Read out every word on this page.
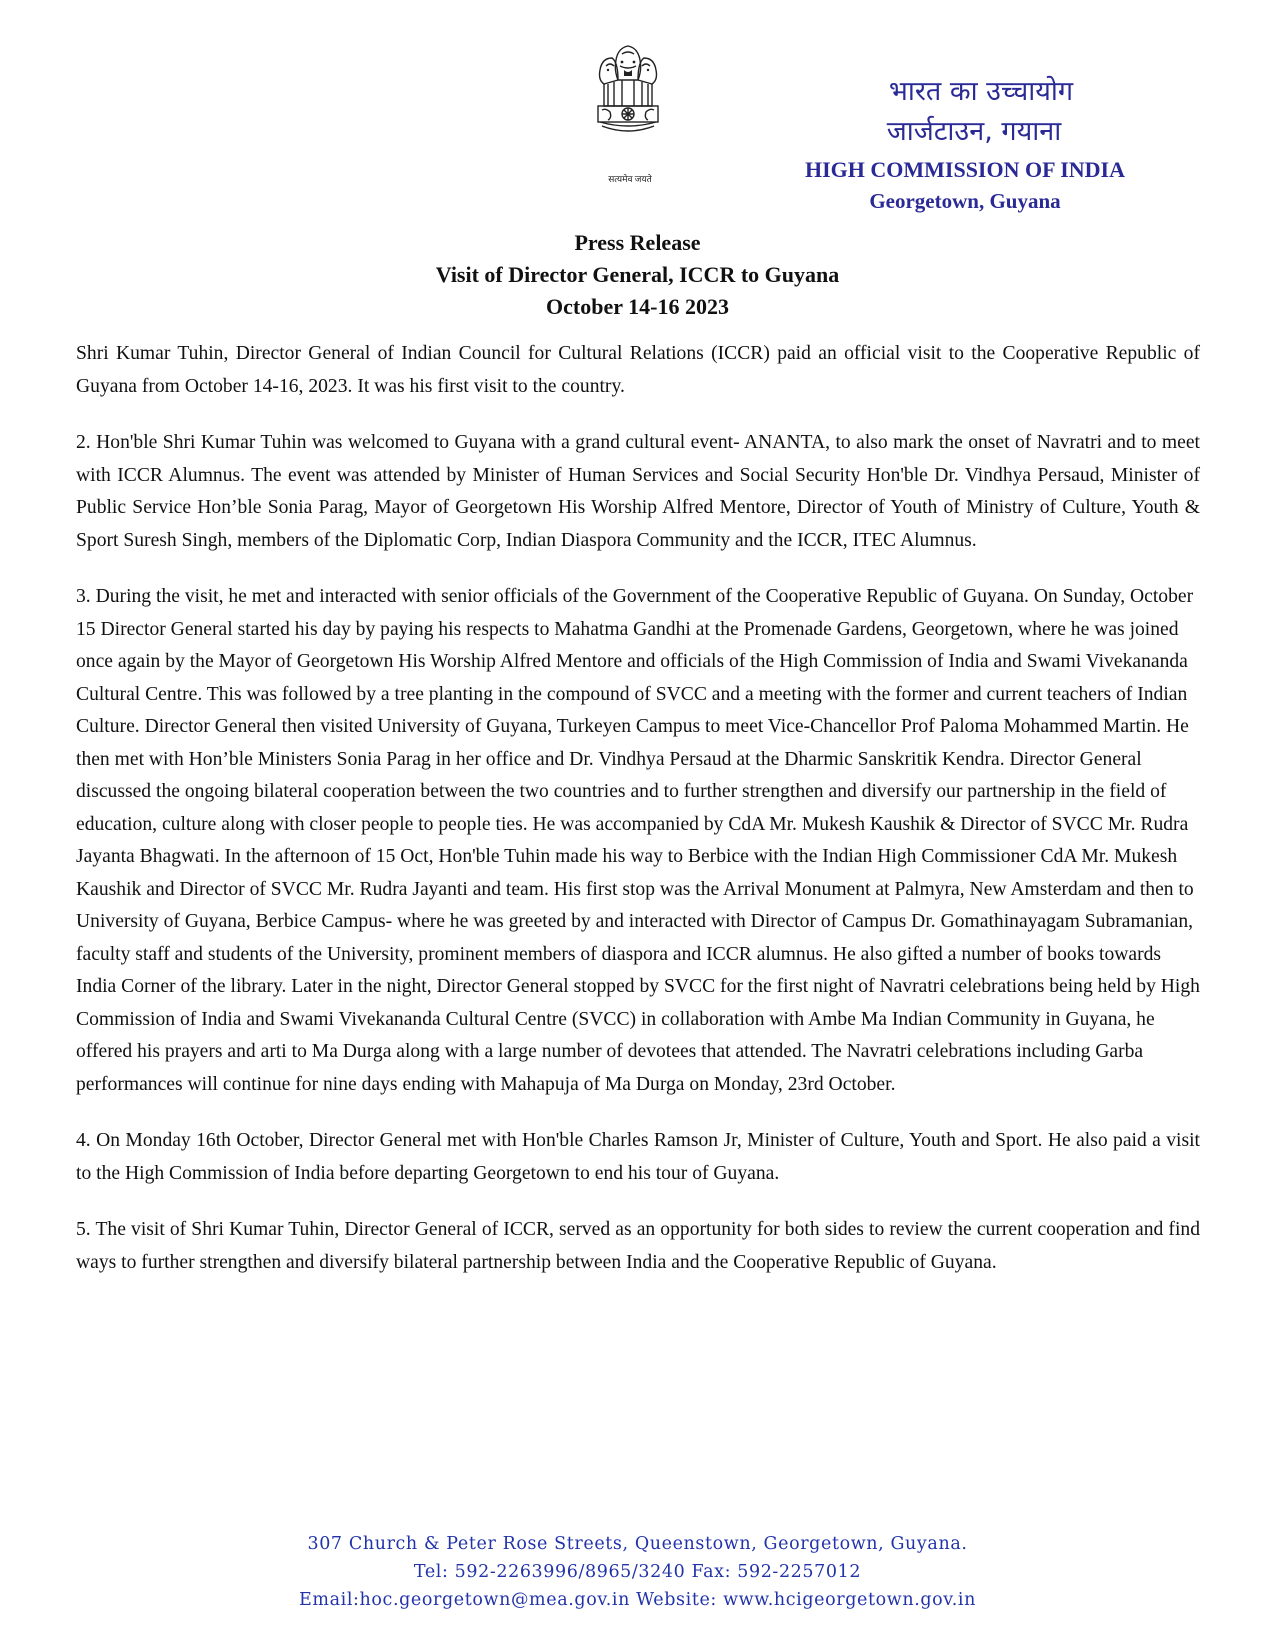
सत्यमेव जयते
भारत का उच्चायोग
जार्जटाउन, गयाना
HIGH COMMISSION OF INDIA
Georgetown, Guyana
Press Release
Visit of Director General, ICCR to Guyana
October 14-16 2023

Shri Kumar Tuhin, Director General of Indian Council for Cultural Relations (ICCR) paid an official visit to the Cooperative Republic of Guyana from October 14-16, 2023. It was his first visit to the country.

2. Hon'ble Shri Kumar Tuhin was welcomed to Guyana with a grand cultural event- ANANTA, to also mark the onset of Navratri and to meet with ICCR Alumnus. The event was attended by Minister of Human Services and Social Security Hon'ble Dr. Vindhya Persaud, Minister of Public Service Hon’ble Sonia Parag, Mayor of Georgetown His Worship Alfred Mentore, Director of Youth of Ministry of Culture, Youth & Sport Suresh Singh, members of the Diplomatic Corp, Indian Diaspora Community and the ICCR, ITEC Alumnus.

3. During the visit, he met and interacted with senior officials of the Government of the Cooperative Republic of Guyana. On Sunday, October 15 Director General started his day by paying his respects to Mahatma Gandhi at the Promenade Gardens, Georgetown, where he was joined once again by the Mayor of Georgetown His Worship Alfred Mentore and officials of the High Commission of India and Swami Vivekananda Cultural Centre. This was followed by a tree planting in the compound of SVCC and a meeting with the former and current teachers of Indian Culture. Director General then visited University of Guyana, Turkeyen Campus to meet Vice-Chancellor Prof Paloma Mohammed Martin. He then met with Hon’ble Ministers Sonia Parag in her office and Dr. Vindhya Persaud at the Dharmic Sanskritik Kendra. Director General discussed the ongoing bilateral cooperation between the two countries and to further strengthen and diversify our partnership in the field of education, culture along with closer people to people ties. He was accompanied by CdA Mr. Mukesh Kaushik & Director of SVCC Mr. Rudra Jayanta Bhagwati. In the afternoon of 15 Oct, Hon'ble Tuhin made his way to Berbice with the Indian High Commissioner CdA Mr. Mukesh Kaushik and Director of SVCC Mr. Rudra Jayanti and team. His first stop was the Arrival Monument at Palmyra, New Amsterdam and then to University of Guyana, Berbice Campus- where he was greeted by and interacted with Director of Campus Dr. Gomathinayagam Subramanian, faculty staff and students of the University, prominent members of diaspora and ICCR alumnus. He also gifted a number of books towards India Corner of the library. Later in the night, Director General stopped by SVCC for the first night of Navratri celebrations being held by High Commission of India and Swami Vivekananda Cultural Centre (SVCC) in collaboration with Ambe Ma Indian Community in Guyana, he offered his prayers and arti to Ma Durga along with a large number of devotees that attended. The Navratri celebrations including Garba performances will continue for nine days ending with Mahapuja of Ma Durga on Monday, 23rd October.

4. On Monday 16th October, Director General met with Hon'ble Charles Ramson Jr, Minister of Culture, Youth and Sport. He also paid a visit to the High Commission of India before departing Georgetown to end his tour of Guyana.

5. The visit of Shri Kumar Tuhin, Director General of ICCR, served as an opportunity for both sides to review the current cooperation and find ways to further strengthen and diversify bilateral partnership between India and the Cooperative Republic of Guyana.

307 Church & Peter Rose Streets, Queenstown, Georgetown, Guyana.
Tel: 592-2263996/8965/3240 Fax: 592-2257012
Email:hoc.georgetown@mea.gov.in Website: www.hcigeorgetown.gov.in
